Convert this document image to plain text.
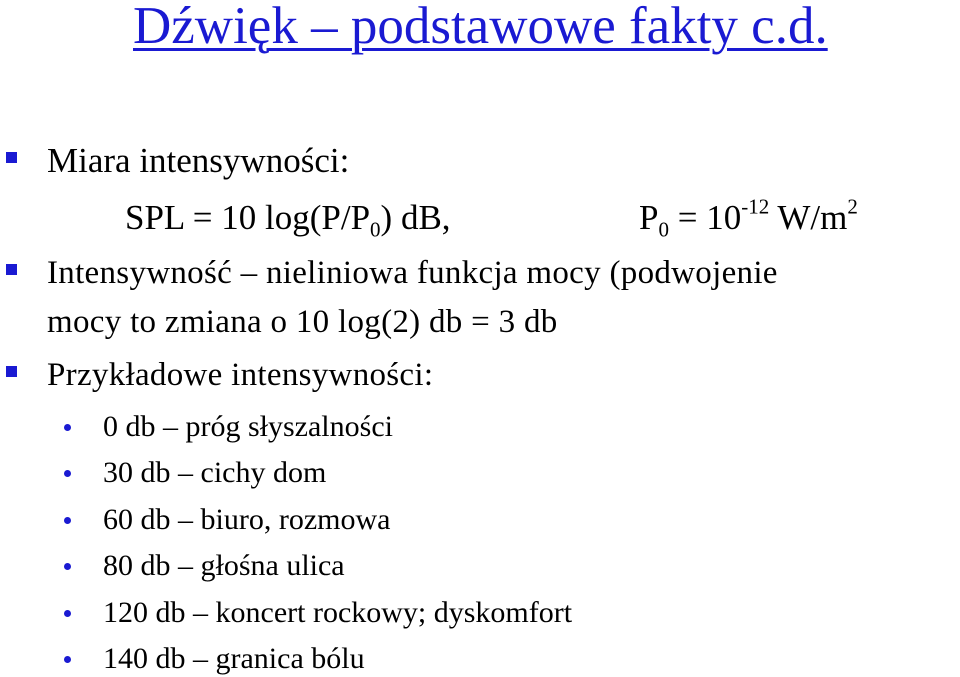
Dźwięk – podstawowe fakty c.d.
Miara intensywności:
SPL = 10 $\log(P/P_0)$ dB,	$P_0 = 10^{-12}$ $W/m^2$
Intensywność – nieliniowa funkcja mocy (podwojenie
mocy to zmiana o 10 log(2) db = 3 db
Przykładowe intensywności:
0 db – próg słyszalności
30 db – cichy dom
60 db – biuro, rozmowa
80 db – głośna ulica
120 db – koncert rockowy; dyskomfort
140 db – granica bólu
